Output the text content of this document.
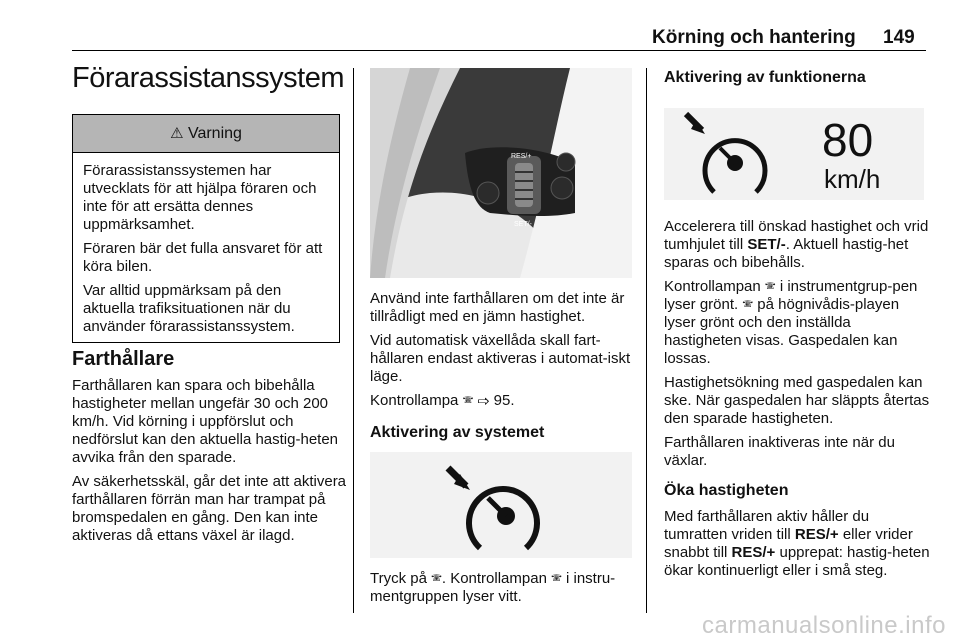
Körning och hantering 149
Förarassistanssystem
⚠ Varning

Förarassistanssystemen har utvecklats för att hjälpa föraren och inte för att ersätta dennes uppmärksamhet.

Föraren bär det fulla ansvaret för att köra bilen.

Var alltid uppmärksam på den aktuella trafiksituationen när du använder förarassistanssystem.

Farthållare

Farthållaren kan spara och bibehålla hastigheter mellan ungefär 30 och 200 km/h. Vid körning i uppförslut och nedförslut kan den aktuella hastig-heten avvika från den sparade.

Av säkerhetsskäl, går det inte att aktivera farthållaren förrän man har trampat på bromspedalen en gång. Den kan inte aktiveras då ettans växel är ilagd.

RES/+
SET/-

Använd inte farthållaren om det inte är tillrådligt med en jämn hastighet.

Vid automatisk växellåda skall fart-hållaren endast aktiveras i automat-iskt läge.

Kontrollampa 🕾 ⇨ 95.

Aktivering av systemet

Tryck på 🕾. Kontrollampan 🕾 i instru-mentgruppen lyser vitt.

Aktivering av funktionerna
80
km/h

Accelerera till önskad hastighet och vrid tumhjulet till SET/-. Aktuell hastig-het sparas och bibehålls.

Kontrollampan 🕾 i instrumentgrup-pen lyser grönt. 🕾 på högnivådis-playen lyser grönt och den inställda hastigheten visas. Gaspedalen kan lossas.

Hastighetsökning med gaspedalen kan ske. När gaspedalen har släppts återtas den sparade hastigheten.

Farthållaren inaktiveras inte när du växlar.

Öka hastigheten

Med farthållaren aktiv håller du tumratten vriden till RES/+ eller vrider snabbt till RES/+ upprepat: hastig-heten ökar kontinuerligt eller i små steg.

carmanualsonline.info
